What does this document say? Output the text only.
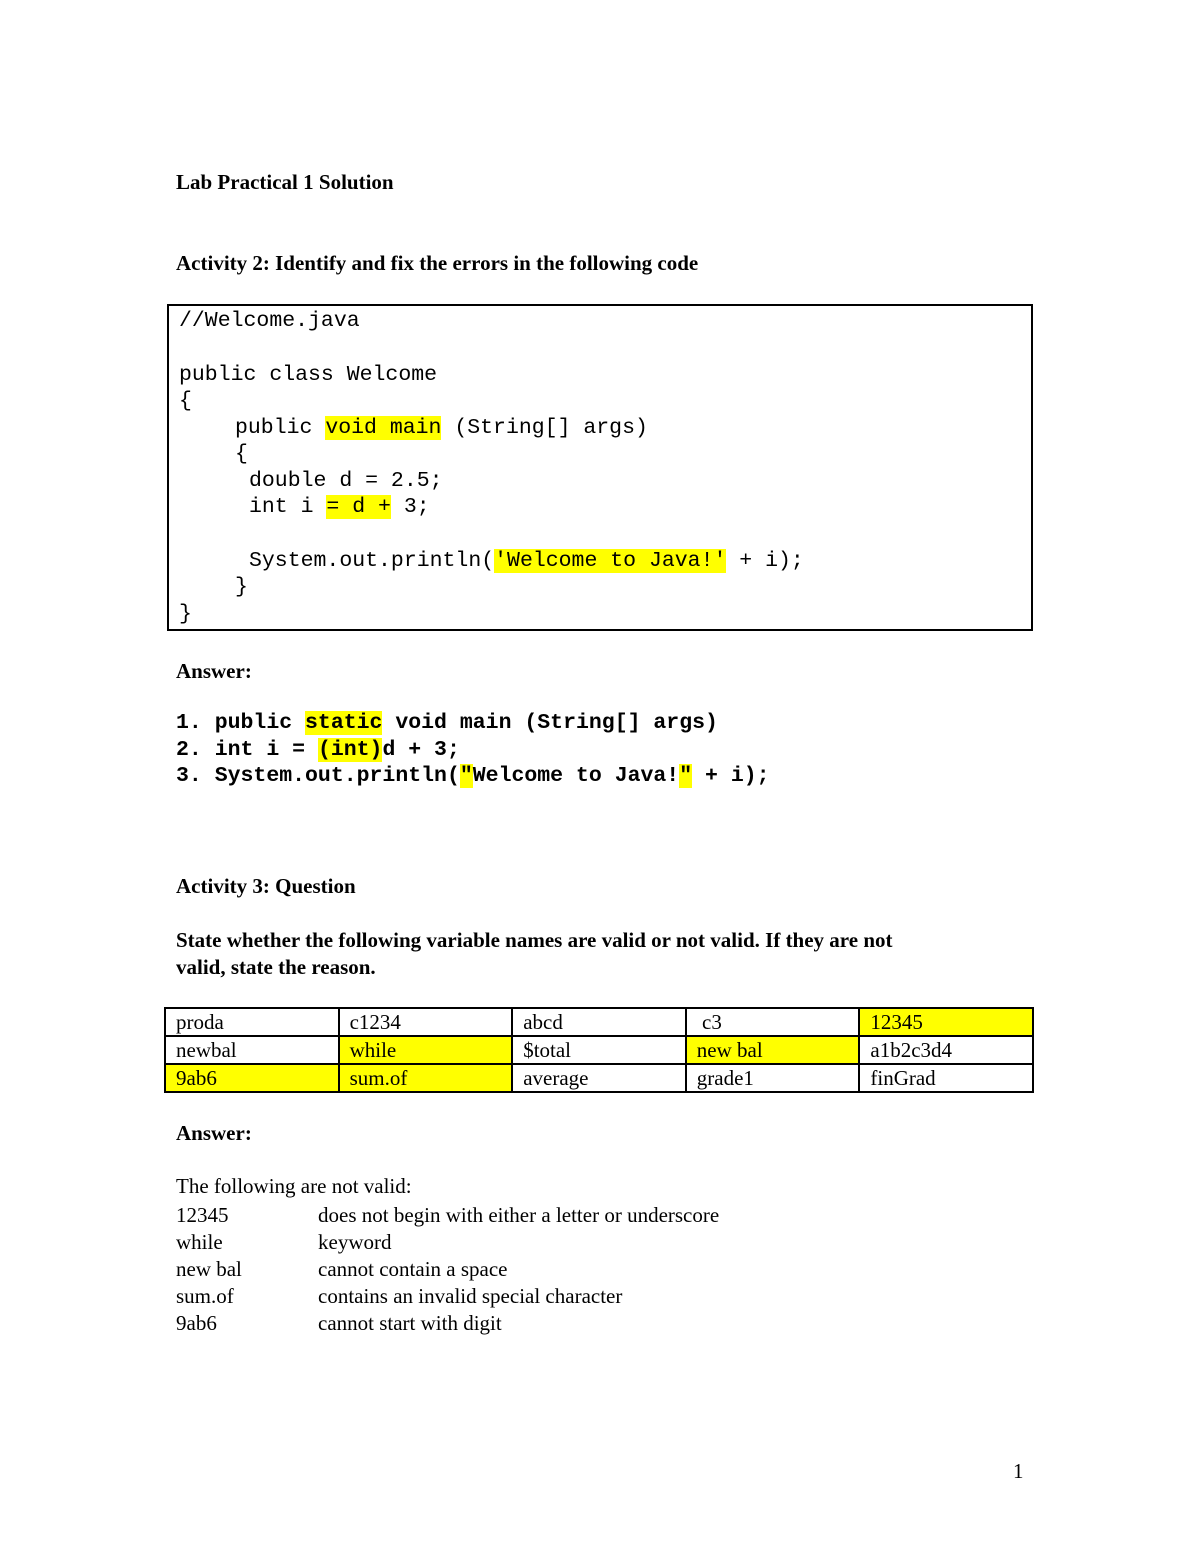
Lab Practical 1 Solution
Activity 2: Identify and fix the errors in the following code
//Welcome.java
public class Welcome
{
public void main (String[] args)
{
double d = 2.5;
int i = d + 3;
System.out.println('Welcome to Java!' + i);
}
}
Answer:
1. public static void main (String[] args)
2. int i = (int)d + 3;
3. System.out.println("Welcome to Java!" + i);
Activity 3: Question
State whether the following variable names are valid or not valid. If they are not
valid, state the reason.
proda	c1234	abcd	c3	12345
newbal	while	$total	new bal	a1b2c3d4
9ab6	sum.of	average	grade1	finGrad
Answer:
The following are not valid:
12345	does not begin with either a letter or underscore
while	keyword
new bal	cannot contain a space
sum.of	contains an invalid special character
9ab6	cannot start with digit
1
